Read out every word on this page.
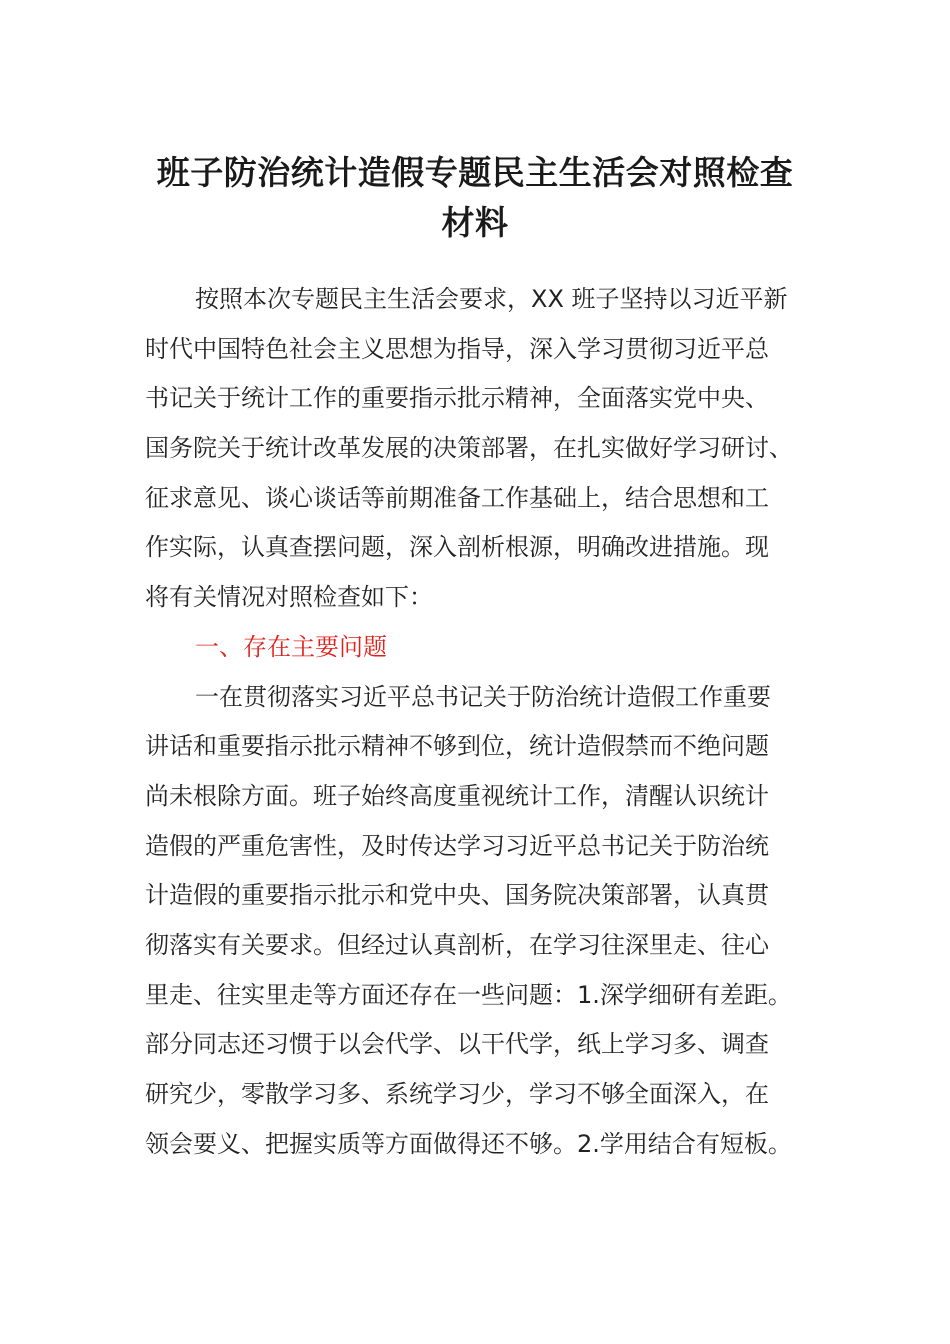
班子防治统计造假专题民主生活会对照检查
材料
按照本次专题民主生活会要求，XX 班子坚持以习近平新
时代中国特色社会主义思想为指导，深入学习贯彻习近平总
书记关于统计工作的重要指示批示精神，全面落实党中央、
国务院关于统计改革发展的决策部署，在扎实做好学习研讨、
征求意见、谈心谈话等前期准备工作基础上，结合思想和工
作实际，认真查摆问题，深入剖析根源，明确改进措施。现
将有关情况对照检查如下：
一、存在主要问题
一在贯彻落实习近平总书记关于防治统计造假工作重要
讲话和重要指示批示精神不够到位，统计造假禁而不绝问题
尚未根除方面。班子始终高度重视统计工作，清醒认识统计
造假的严重危害性，及时传达学习习近平总书记关于防治统
计造假的重要指示批示和党中央、国务院决策部署，认真贯
彻落实有关要求。但经过认真剖析，在学习往深里走、往心
里走、往实里走等方面还存在一些问题：1.深学细研有差距。
部分同志还习惯于以会代学、以干代学，纸上学习多、调查
研究少，零散学习多、系统学习少，学习不够全面深入，在
领会要义、把握实质等方面做得还不够。2.学用结合有短板。
